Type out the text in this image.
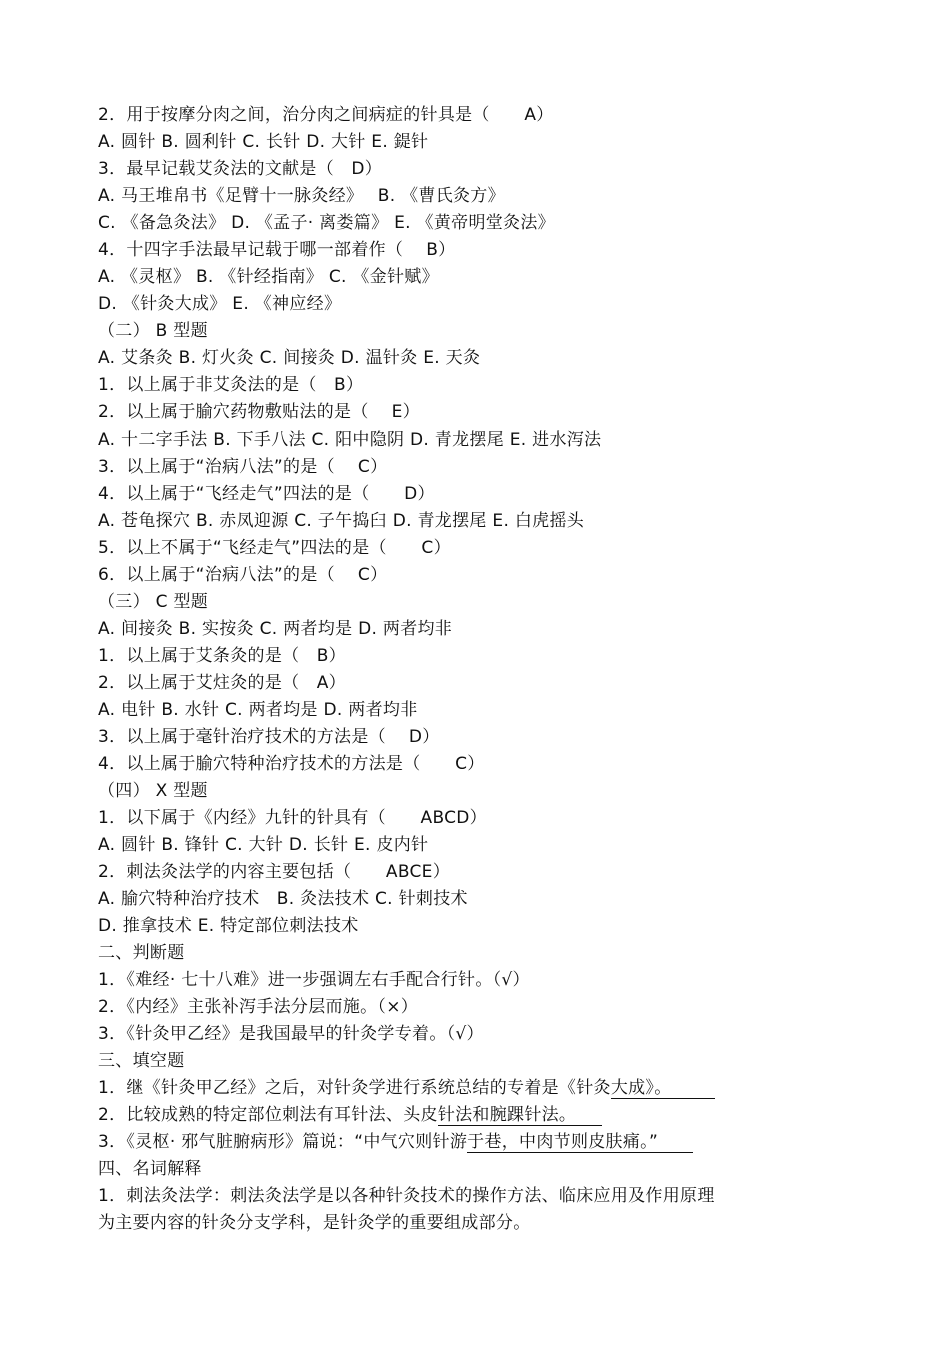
2．用于按摩分肉之间，治分肉之间病症的针具是（　　A）
A. 圆针 B. 圆利针 C. 长针 D. 大针 E. 鍉针
3．最早记载艾灸法的文献是（　D）
A. 马王堆帛书《足臂十一脉灸经》　 B. 《曹氏灸方》
C. 《备急灸法》 D. 《孟子· 离娄篇》 E. 《黄帝明堂灸法》
4．十四字手法最早记载于哪一部着作（　 B）
A. 《灵枢》 B. 《针经指南》 C. 《金针赋》
D. 《针灸大成》 E. 《神应经》
（二） B 型题
A. 艾条灸 B. 灯火灸 C. 间接灸 D. 温针灸 E. 天灸
1．以上属于非艾灸法的是（　B）
2．以上属于腧穴药物敷贴法的是（　 E）
A. 十二字手法 B. 下手八法 C. 阳中隐阴 D. 青龙摆尾 E. 进水泻法
3．以上属于“治病八法”的是（　 C）
4．以上属于“飞经走气”四法的是（　　D）
A. 苍龟探穴 B. 赤凤迎源 C. 子午捣臼 D. 青龙摆尾 E. 白虎摇头
5．以上不属于“飞经走气”四法的是（　　C）
6．以上属于“治病八法”的是（　 C）
（三） C 型题
A. 间接灸 B. 实按灸 C. 两者均是 D. 两者均非
1．以上属于艾条灸的是（　B）
2．以上属于艾炷灸的是（　A）
A. 电针 B. 水针 C. 两者均是 D. 两者均非
3．以上属于毫针治疗技术的方法是（　 D）
4．以上属于腧穴特种治疗技术的方法是（　　C）
（四） X 型题
1．以下属于《内经》九针的针具有（　　ABCD）
A. 圆针 B. 锋针 C. 大针 D. 长针 E. 皮内针
2．刺法灸法学的内容主要包括（　　ABCE）
A. 腧穴特种治疗技术　B. 灸法技术 C. 针刺技术
D. 推拿技术 E. 特定部位刺法技术
二、判断题
1．《难经· 七十八难》进一步强调左右手配合行针。（√）
2．《内经》主张补泻手法分层而施。（×）
3．《针灸甲乙经》是我国最早的针灸学专着。（√）
三、填空题
1．继《针灸甲乙经》之后，对针灸学进行系统总结的专着是《针灸大成》。　　　
2．比较成熟的特定部位刺法有耳针法、头皮针法和腕踝针法。　　
3．《灵枢· 邪气脏腑病形》篇说：“中气穴则针游于巷，中肉节则皮肤痛。”　　
四、名词解释
1．刺法灸法学：刺法灸法学是以各种针灸技术的操作方法、临床应用及作用原理
为主要内容的针灸分支学科，是针灸学的重要组成部分。
